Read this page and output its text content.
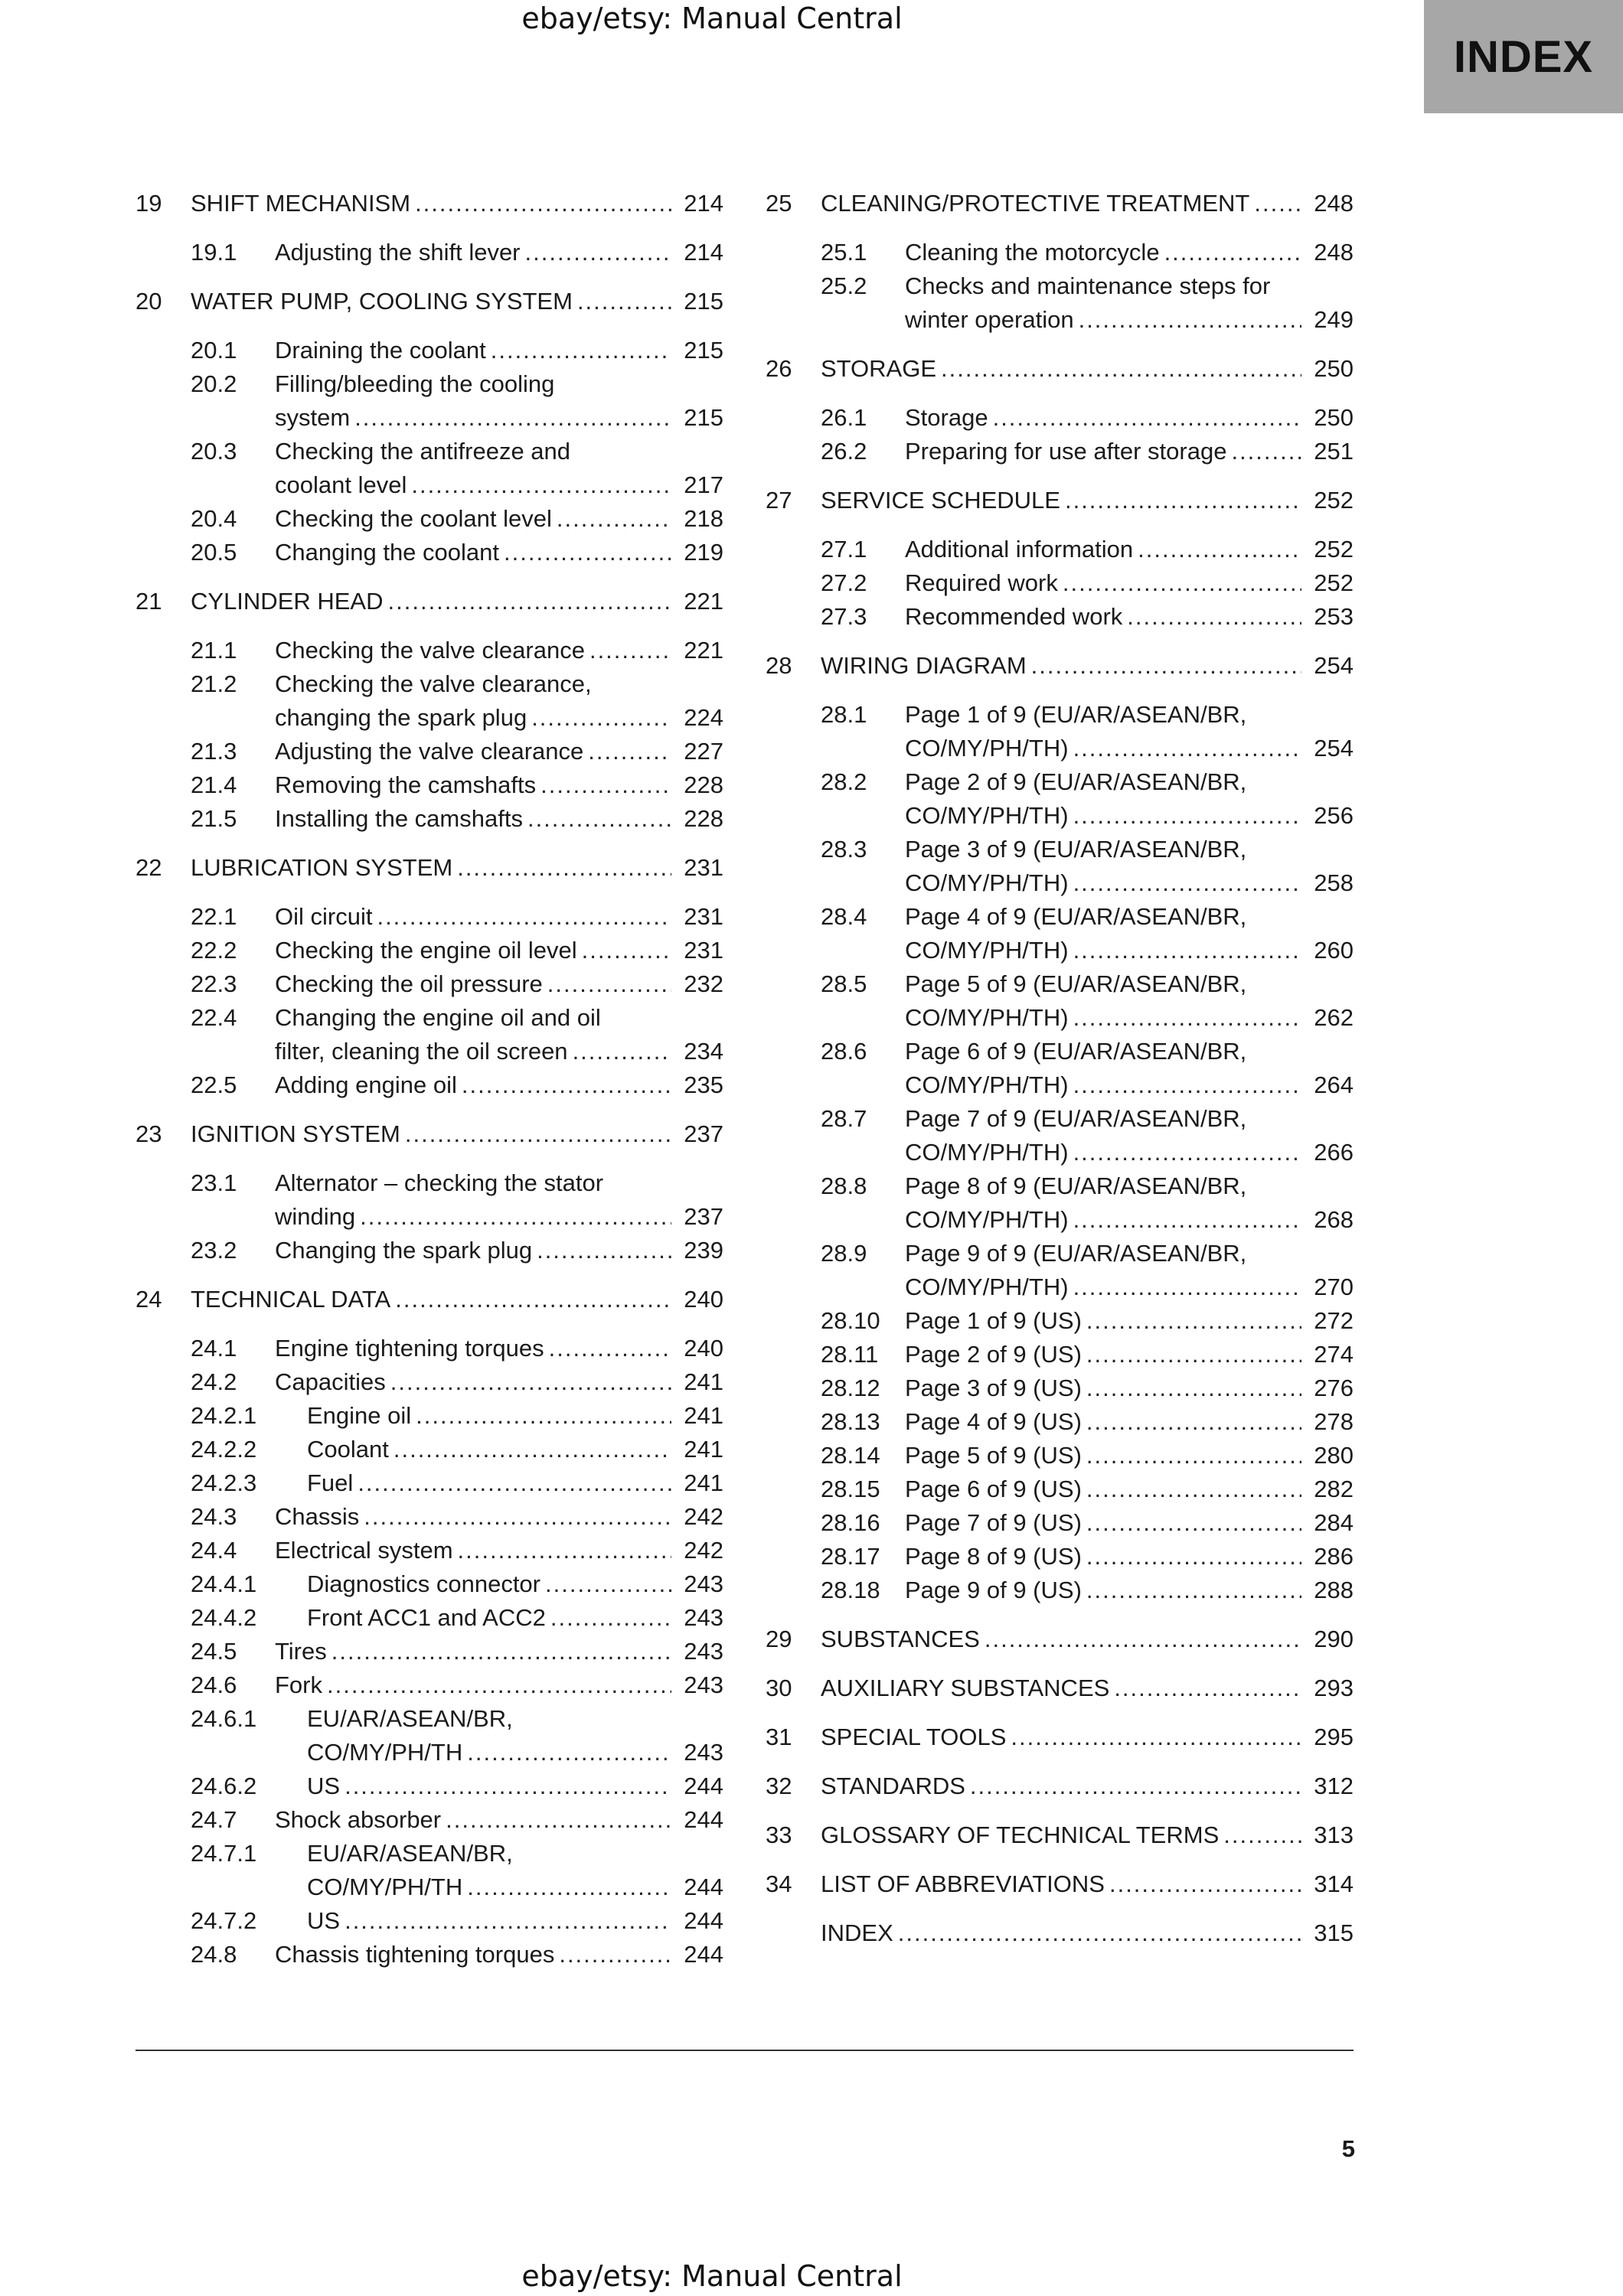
ebay/etsy: Manual Central
INDEX
19	SHIFT MECHANISM .....	214
19.1	Adjusting the shift lever .....	214
20	WATER PUMP, COOLING SYSTEM .....	215
20.1	Draining the coolant .....	215
20.2	Filling/bleeding the cooling
system .....	215
20.3	Checking the antifreeze and
coolant level .....	217
20.4	Checking the coolant level .....	218
20.5	Changing the coolant .....	219
21	CYLINDER HEAD .....	221
21.1	Checking the valve clearance .....	221
21.2	Checking the valve clearance,
changing the spark plug .....	224
21.3	Adjusting the valve clearance .....	227
21.4	Removing the camshafts .....	228
21.5	Installing the camshafts .....	228
22	LUBRICATION SYSTEM .....	231
22.1	Oil circuit .....	231
22.2	Checking the engine oil level .....	231
22.3	Checking the oil pressure .....	232
22.4	Changing the engine oil and oil
filter, cleaning the oil screen .....	234
22.5	Adding engine oil .....	235
23	IGNITION SYSTEM .....	237
23.1	Alternator – checking the stator
winding .....	237
23.2	Changing the spark plug .....	239
24	TECHNICAL DATA .....	240
24.1	Engine tightening torques .....	240
24.2	Capacities .....	241
24.2.1	Engine oil .....	241
24.2.2	Coolant .....	241
24.2.3	Fuel .....	241
24.3	Chassis .....	242
24.4	Electrical system .....	242
24.4.1	Diagnostics connector .....	243
24.4.2	Front ACC1 and ACC2 .....	243
24.5	Tires .....	243
24.6	Fork .....	243
24.6.1	EU/AR/ASEAN/BR,
CO/MY/PH/TH .....	243
24.6.2	US .....	244
24.7	Shock absorber .....	244
24.7.1	EU/AR/ASEAN/BR,
CO/MY/PH/TH .....	244
24.7.2	US .....	244
24.8	Chassis tightening torques .....	244
25	CLEANING/PROTECTIVE TREATMENT .....	248
25.1	Cleaning the motorcycle .....	248
25.2	Checks and maintenance steps for
winter operation .....	249
26	STORAGE .....	250
26.1	Storage .....	250
26.2	Preparing for use after storage .....	251
27	SERVICE SCHEDULE .....	252
27.1	Additional information .....	252
27.2	Required work .....	252
27.3	Recommended work .....	253
28	WIRING DIAGRAM .....	254
28.1	Page 1 of 9 (EU/AR/ASEAN/BR,
CO/MY/PH/TH) .....	254
28.2	Page 2 of 9 (EU/AR/ASEAN/BR,
CO/MY/PH/TH) .....	256
28.3	Page 3 of 9 (EU/AR/ASEAN/BR,
CO/MY/PH/TH) .....	258
28.4	Page 4 of 9 (EU/AR/ASEAN/BR,
CO/MY/PH/TH) .....	260
28.5	Page 5 of 9 (EU/AR/ASEAN/BR,
CO/MY/PH/TH) .....	262
28.6	Page 6 of 9 (EU/AR/ASEAN/BR,
CO/MY/PH/TH) .....	264
28.7	Page 7 of 9 (EU/AR/ASEAN/BR,
CO/MY/PH/TH) .....	266
28.8	Page 8 of 9 (EU/AR/ASEAN/BR,
CO/MY/PH/TH) .....	268
28.9	Page 9 of 9 (EU/AR/ASEAN/BR,
CO/MY/PH/TH) .....	270
28.10	Page 1 of 9 (US) .....	272
28.11	Page 2 of 9 (US) .....	274
28.12	Page 3 of 9 (US) .....	276
28.13	Page 4 of 9 (US) .....	278
28.14	Page 5 of 9 (US) .....	280
28.15	Page 6 of 9 (US) .....	282
28.16	Page 7 of 9 (US) .....	284
28.17	Page 8 of 9 (US) .....	286
28.18	Page 9 of 9 (US) .....	288
29	SUBSTANCES .....	290
30	AUXILIARY SUBSTANCES .....	293
31	SPECIAL TOOLS .....	295
32	STANDARDS .....	312
33	GLOSSARY OF TECHNICAL TERMS .....	313
34	LIST OF ABBREVIATIONS .....	314
INDEX .....	315
5
ebay/etsy: Manual Central
